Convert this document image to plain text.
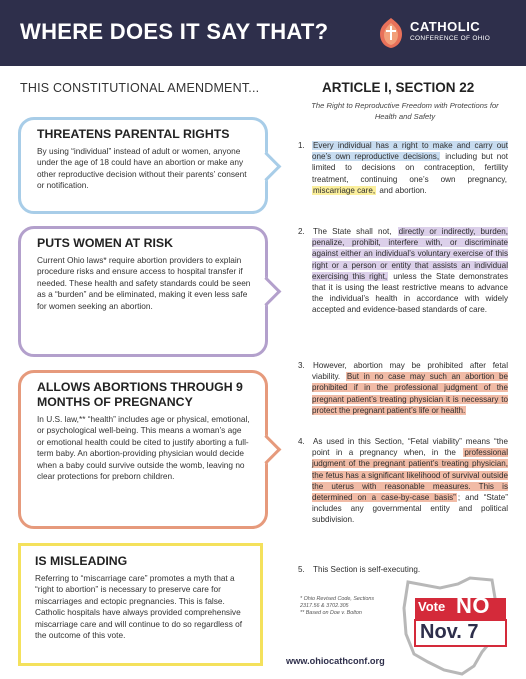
WHERE DOES IT SAY THAT?	CATHOLIC
CONFERENCE OF OHIO
THIS CONSTITUTIONAL AMENDMENT...
THREATENS PARENTAL RIGHTS
By using “individual” instead of adult or women, anyone under the age of 18 could have an abortion or make any other reproductive decision without their parents’ consent or notification.
PUTS WOMEN AT RISK
Current Ohio laws* require abortion providers to explain procedure risks and ensure access to hospital transfer if needed. These health and safety standards could be seen as a “burden” and be eliminated, making it even less safe for women seeking an abortion.
ALLOWS ABORTIONS THROUGH 9 MONTHS OF PREGNANCY
In U.S. law,** “health” includes age or physical, emotional, or psychological well-being. This means a woman’s age or emotional health could be cited to justify aborting a full-term baby. An abortion-providing physician would decide when a baby could survive outside the womb, leaving no clear protections for preborn children.
IS MISLEADING
Referring to “miscarriage care” promotes a myth that a “right to abortion” is necessary to preserve care for miscarriages and ectopic pregnancies. This is false. Catholic hospitals have always provided comprehensive miscarriage care and will continue to do so regardless of the outcome of this vote.
ARTICLE I, SECTION 22
The Right to Reproductive Freedom with Protections for Health and Safety
1. Every individual has a right to make and carry out one’s own reproductive decisions, including but not limited to decisions on contraception, fertility treatment, continuing one’s own pregnancy, miscarriage care, and abortion.

2. The State shall not, directly or indirectly, burden, penalize, prohibit, interfere with, or discriminate against either an individual’s voluntary exercise of this right or a person or entity that assists an individual exercising this right, unless the State demonstrates that it is using the least restrictive means to advance the individual’s health in accordance with widely accepted and evidence-based standards of care.

3. However, abortion may be prohibited after fetal viability. But in no case may such an abortion be prohibited if in the professional judgment of the pregnant patient’s treating physician it is necessary to protect the pregnant patient’s life or health.

4. As used in this Section, “Fetal viability” means “the point in a pregnancy when, in the professional judgment of the pregnant patient’s treating physician, the fetus has a significant likelihood of survival outside the uterus with reasonable measures. This is determined on a case-by-case basis” ; and “State” includes any governmental entity and political subdivision.

5. This Section is self-executing.

* Ohio Revised Code, Sections 2317.56 & 3702.305
** Based on Doe v. Bolton	Vote NO
Nov. 7
www.ohiocathconf.org
